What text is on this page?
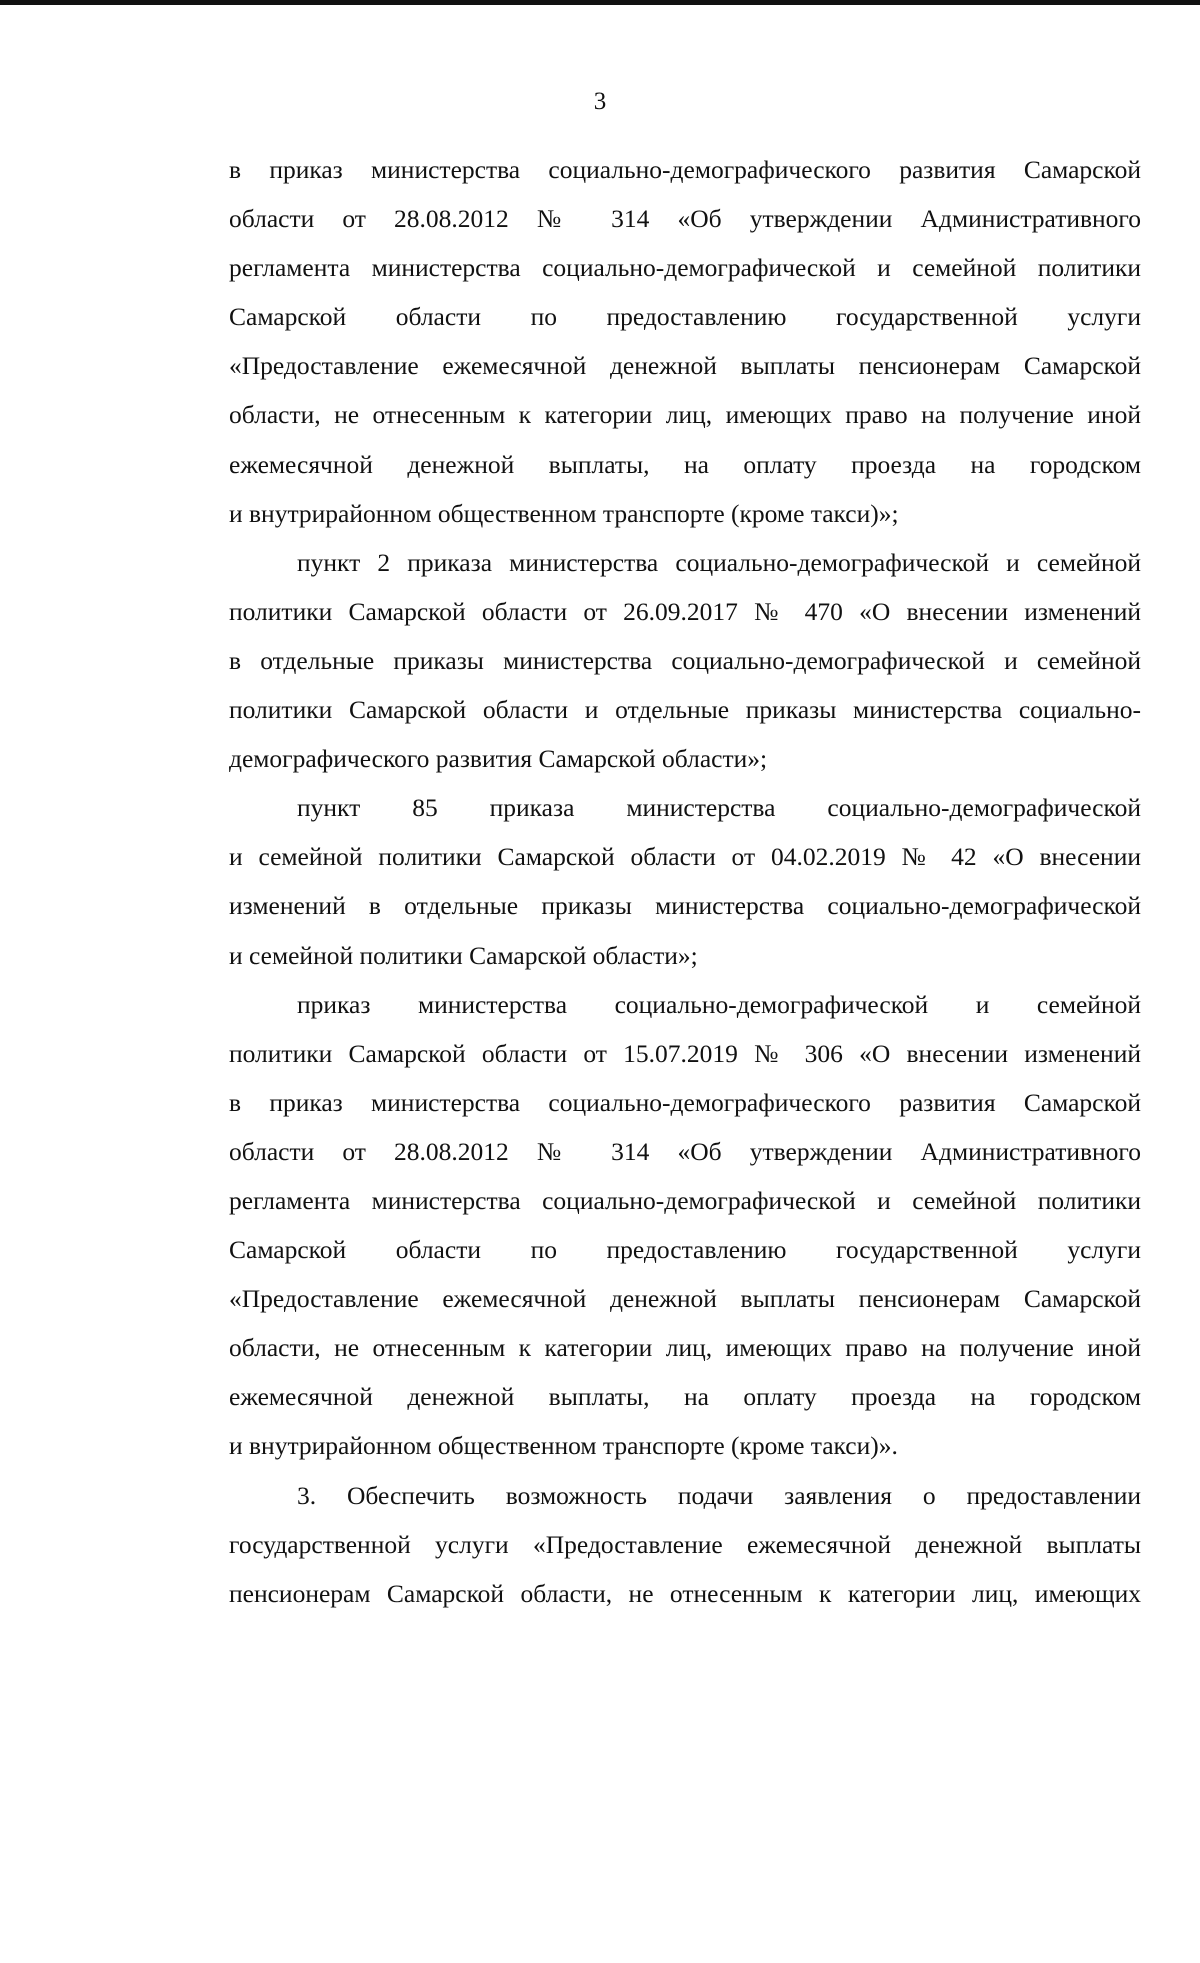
3
в приказ министерства социально-демографического развития Самарской
области от 28.08.2012 № 314 «Об утверждении Административного
регламента министерства социально-демографической и семейной политики
Самарской области по предоставлению государственной услуги
«Предоставление ежемесячной денежной выплаты пенсионерам Самарской
области, не отнесенным к категории лиц, имеющих право на получение иной
ежемесячной денежной выплаты, на оплату проезда на городском
и внутрирайонном общественном транспорте (кроме такси)»;
пункт 2 приказа министерства социально-демографической и семейной
политики Самарской области от 26.09.2017 № 470 «О внесении изменений
в отдельные приказы министерства социально-демографической и семейной
политики Самарской области и отдельные приказы министерства социально-
демографического развития Самарской области»;
пункт 85 приказа министерства социально-демографической
и семейной политики Самарской области от 04.02.2019 № 42 «О внесении
изменений в отдельные приказы министерства социально-демографической
и семейной политики Самарской области»;
приказ министерства социально-демографической и семейной
политики Самарской области от 15.07.2019 № 306 «О внесении изменений
в приказ министерства социально-демографического развития Самарской
области от 28.08.2012 № 314 «Об утверждении Административного
регламента министерства социально-демографической и семейной политики
Самарской области по предоставлению государственной услуги
«Предоставление ежемесячной денежной выплаты пенсионерам Самарской
области, не отнесенным к категории лиц, имеющих право на получение иной
ежемесячной денежной выплаты, на оплату проезда на городском
и внутрирайонном общественном транспорте (кроме такси)».
3. Обеспечить возможность подачи заявления о предоставлении
государственной услуги «Предоставление ежемесячной денежной выплаты
пенсионерам Самарской области, не отнесенным к категории лиц, имеющих
